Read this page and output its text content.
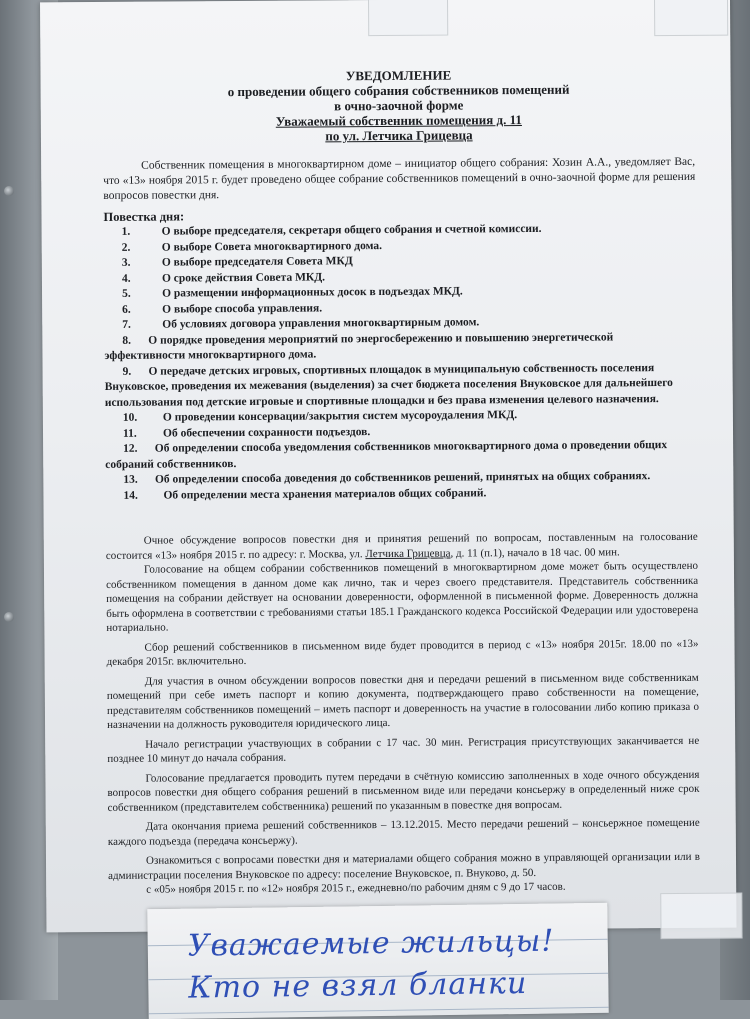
УВЕДОМЛЕНИЕ
о проведении общего собрания собственников помещений
в очно-заочной форме
Уважаемый собственник помещения д. 11
по ул. Летчика Грицевца

Собственник помещения в многоквартирном доме – инициатор общего собрания: Хозин А.А., уведомляет Вас, что «13» ноября 2015 г. будет проведено общее собрание собственников помещений в очно-заочной форме для решения вопросов повестки дня.

Повестка дня:
1.	О выборе председателя, секретаря общего собрания и счетной комиссии.
2.	О выборе Совета многоквартирного дома.
3.	О выборе председателя Совета МКД
4.	О сроке действия Совета МКД.
5.	О размещении информационных досок в подъездах МКД.
6.	О выборе способа управления.
7.	Об условиях договора управления многоквартирным домом.
8. О порядке проведения мероприятий по энергосбережению и повышению энергетической эффективности многоквартирного дома.
9. О передаче детских игровых, спортивных площадок в муниципальную собственность поселения Внуковское, проведения их межевания (выделения) за счет бюджета поселения Внуковское для дальнейшего использования под детские игровые и спортивные площадки и без права изменения целевого назначения.
10.	О проведении консервации/закрытия систем мусороудаления МКД.
11.	Об обеспечении сохранности подъездов.
12. Об определении способа уведомления собственников многоквартирного дома о проведении общих собраний собственников.
13. Об определении способа доведения до собственников решений, принятых на общих собраниях.
14.	Об определении места хранения материалов общих собраний.

Очное обсуждение вопросов повестки дня и принятия решений по вопросам, поставленным на голосование состоится «13» ноября 2015 г. по адресу: г. Москва, ул. Летчика Грицевца, д. 11 (п.1), начало в 18 час. 00 мин.

Голосование на общем собрании собственников помещений в многоквартирном доме может быть осуществлено собственником помещения в данном доме как лично, так и через своего представителя. Представитель собственника помещения на собрании действует на основании доверенности, оформленной в письменной форме. Доверенность должна быть оформлена в соответствии с требованиями статьи 185.1 Гражданского кодекса Российской Федерации или удостоверена нотариально.

Сбор решений собственников в письменном виде будет проводится в период с «13» ноября 2015г. 18.00 по «13» декабря 2015г. включительно.

Для участия в очном обсуждении вопросов повестки дня и передачи решений в письменном виде собственникам помещений при себе иметь паспорт и копию документа, подтверждающего право собственности на помещение, представителям собственников помещений – иметь паспорт и доверенность на участие в голосовании либо копию приказа о назначении на должность руководителя юридического лица.

Начало регистрации участвующих в собрании с 17 час. 30 мин. Регистрация присутствующих заканчивается не позднее 10 минут до начала собрания.

Голосование предлагается проводить путем передачи в счётную комиссию заполненных в ходе очного обсуждения вопросов повестки дня общего собрания решений в письменном виде или передачи консьержу в определенный ниже срок собственником (представителем собственника) решений по указанным в повестке дня вопросам.

Дата окончания приема решений собственников – 13.12.2015. Место передачи решений – консьержное помещение каждого подъезда (передача консьержу).

Ознакомиться с вопросами повестки дня и материалами общего собрания можно в управляющей организации или в администрации поселения Внуковское по адресу: поселение Внуковское, п. Внуково, д. 50.

с «05» ноября 2015 г. по «12» ноября 2015 г., ежедневно/по рабочим дням с 9 до 17 часов.

Уважаемые жильцы!
Кто не взял бланки
